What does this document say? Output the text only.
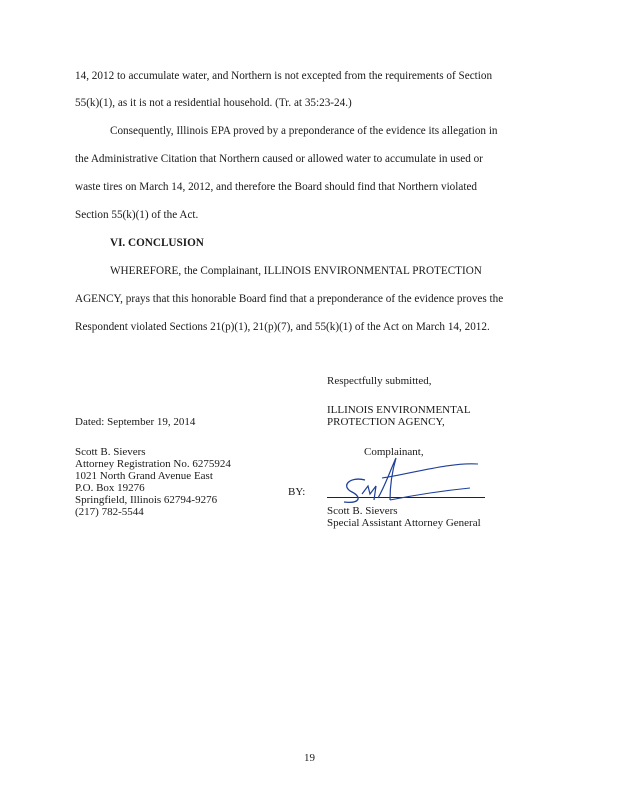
14, 2012 to accumulate water, and Northern is not excepted from the requirements of Section
55(k)(1), as it is not a residential household. (Tr. at 35:23-24.)
Consequently, Illinois EPA proved by a preponderance of the evidence its allegation in
the Administrative Citation that Northern caused or allowed water to accumulate in used or
waste tires on March 14, 2012, and therefore the Board should find that Northern violated
Section 55(k)(1) of the Act.
VI. CONCLUSION
WHEREFORE, the Complainant, ILLINOIS ENVIRONMENTAL PROTECTION
AGENCY, prays that this honorable Board find that a preponderance of the evidence proves the
Respondent violated Sections 21(p)(1), 21(p)(7), and 55(k)(1) of the Act on March 14, 2012.
Respectfully submitted,
ILLINOIS ENVIRONMENTAL
PROTECTION AGENCY,
Dated: September 19, 2014
Complainant,
Scott B. Sievers
Attorney Registration No. 6275924
1021 North Grand Avenue East
P.O. Box 19276
Springfield, Illinois 62794-9276
(217) 782-5544
BY:
Scott B. Sievers
Special Assistant Attorney General
19
